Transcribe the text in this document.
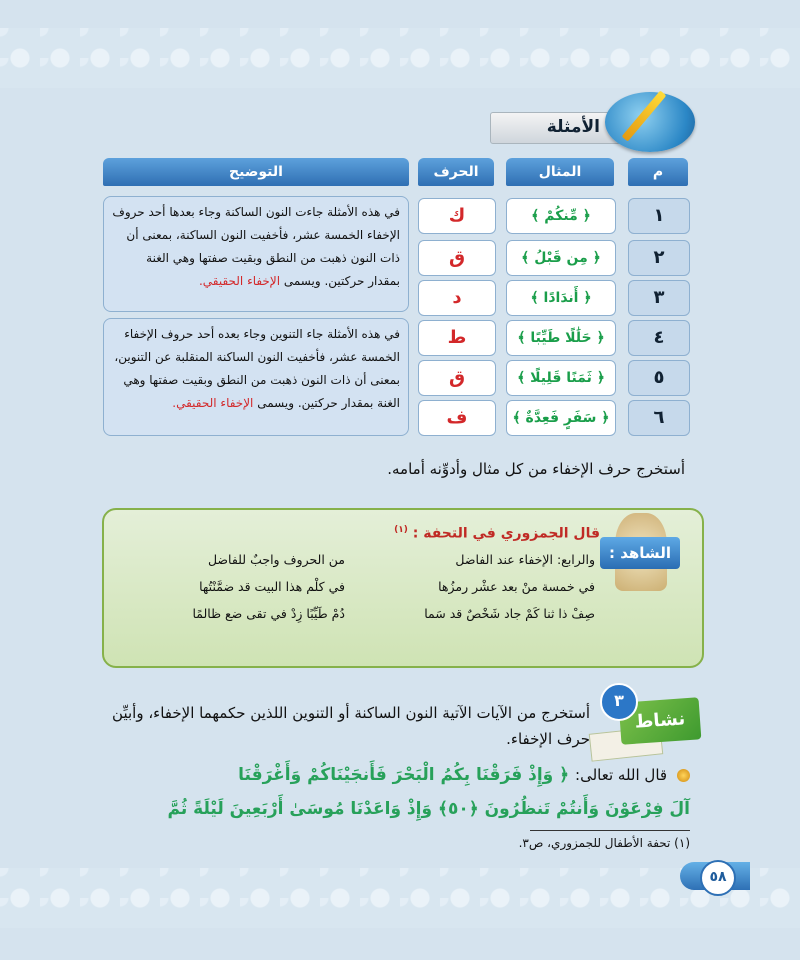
الأمثلة
م
المثال
الحرف
التوضيح
١
﴿ مِّنكُمْ ﴾
ك
٢
﴿ مِن قَبْلُ ﴾
ق
٣
﴿ أَندَادًا ﴾
د
٤
﴿ حَلَٰلًا طَيِّبًا ﴾
ط
٥
﴿ ثَمَنًا قَلِيلًا ﴾
ق
٦
﴿ سَفَرٍ فَعِدَّةٌ ﴾
ف
في هذه الأمثلة جاءت النون الساكنة وجاء بعدها أحد حروف الإخفاء الخمسة عشر، فأخفيت النون الساكنة، بمعنى أن ذات النون ذهبت من النطق وبقيت صفتها وهي الغنة بمقدار حركتين. ويسمى الإخفاء الحقيقي.
في هذه الأمثلة جاء التنوين وجاء بعده أحد حروف الإخفاء الخمسة عشر، فأخفيت النون الساكنة المنقلبة عن التنوين، بمعنى أن ذات النون ذهبت من النطق وبقيت صفتها وهي الغنة بمقدار حركتين. ويسمى الإخفاء الحقيقي.
أستخرج حرف الإخفاء من كل مثال وأدوِّنه أمامه.
الشاهد :
قال الجمزوري في التحفة : $^{(١)}$
والرابع: الإخفاء عند الفاضل
من الحروف واجبٌ للفاضل
في خمسة منْ بعد عشْر رمزُها
في كلْم هذا البيت قد ضمَّنْتُها
صِفْ ذا ثنا كَمْ جاد شَخْصٌ قد سَما
دُمْ طَيِّبًا زِدْ في تقى ضع ظالمًا
نشاط
٣
أستخرج من الآيات الآتية النون الساكنة أو التنوين اللذين حكمهما الإخفاء، وأبيِّن حرف الإخفاء.
قال الله تعالى: ﴿ وَإِذْ فَرَقْنَا بِكُمُ الْبَحْرَ فَأَنجَيْنَاكُمْ وَأَغْرَقْنَا
آلَ فِرْعَوْنَ وَأَنتُمْ تَنظُرُونَ ﴿٥٠﴾ وَإِذْ وَاعَدْنَا مُوسَىٰ أَرْبَعِينَ لَيْلَةً ثُمَّ
(١) تحفة الأطفال للجمزوري، ص٣.
٥٨
